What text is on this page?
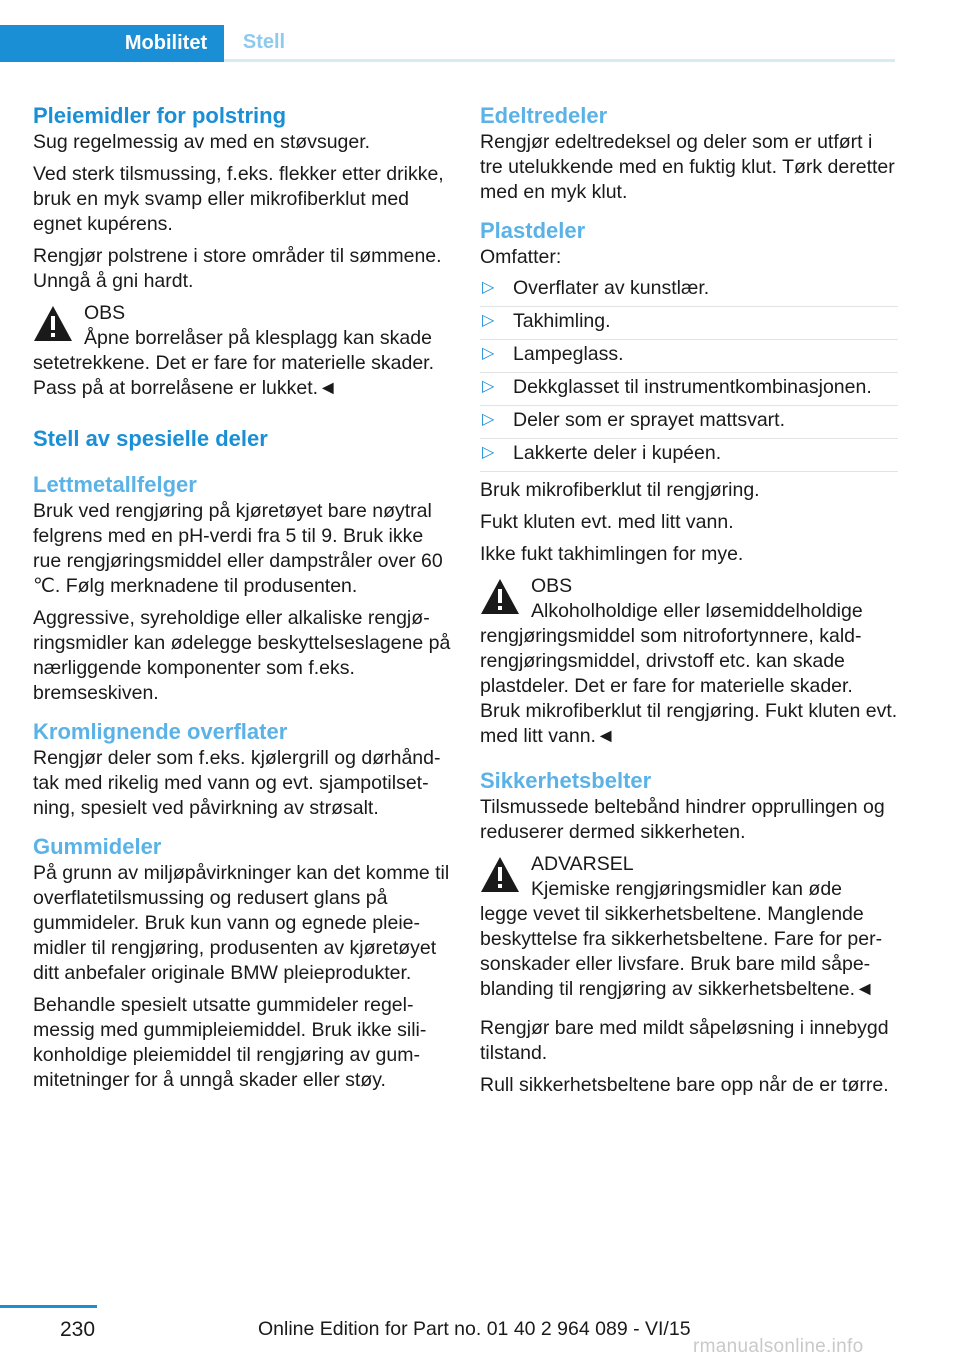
Mobilitet	Stell
Pleiemidler for polstring

Sug regelmessig av med en støvsuger.

Ved sterk tilsmussing, f.eks. flekker etter drikke, bruk en myk svamp eller mikrofiberklut med egnet kupérens.

Rengjør polstrene i store områder til sømmene. Unngå å gni hardt.

OBS

Åpne borrelåser på klesplagg kan skade

setetrekkene. Det er fare for materielle skader. Pass på at borrelåsene er lukket.◄

Stell av spesielle deler
Lettmetallfelger

Bruk ved rengjøring på kjøretøyet bare nøytral felgrens med en pH-verdi fra 5 til 9. Bruk ikke rue rengjøringsmiddel eller dampstråler over 60 ℃. Følg merknadene til produsenten.

Aggressive, syreholdige eller alkaliske rengjøringsmidler kan ødelegge beskyttelseslagene på nærliggende komponenter som f.eks. bremseskiven.

Kromlignende overflater

Rengjør deler som f.eks. kjølergrill og dørhåndtak med rikelig med vann og evt. sjampotilsetning, spesielt ved påvirkning av strøsalt.

Gummideler

På grunn av miljøpåvirkninger kan det komme til overflatetilsmussing og redusert glans på gummideler. Bruk kun vann og egnede pleiemidler til rengjøring, produsenten av kjøretøyet ditt anbefaler originale BMW pleieprodukter.

Behandle spesielt utsatte gummideler regelmessig med gummipleiemiddel. Bruk ikke silikonholdige pleiemiddel til rengjøring av gummitetninger for å unngå skader eller støy.

Edeltredeler

Rengjør edeltredeksel og deler som er utført i tre utelukkende med en fuktig klut. Tørk deretter med en myk klut.

Plastdeler

Omfatter:

▷ Overflater av kunstlær.
▷ Takhimling.
▷ Lampeglass.
▷ Dekkglasset til instrumentkombinasjonen.
▷ Deler som er sprayet mattsvart.
▷ Lakkerte deler i kupéen.

Bruk mikrofiberklut til rengjøring.

Fukt kluten evt. med litt vann.

Ikke fukt takhimlingen for mye.

OBS

Alkoholholdige eller løsemiddelholdige

rengjøringsmiddel som nitrofortynnere, kaldrengjøringsmiddel, drivstoff etc. kan skade plastdeler. Det er fare for materielle skader. Bruk mikrofiberklut til rengjøring. Fukt kluten evt. med litt vann.◄

Sikkerhetsbelter

Tilsmussede beltebånd hindrer opprullingen og reduserer dermed sikkerheten.

ADVARSEL

Kjemiske rengjøringsmidler kan øde

legge vevet til sikkerhetsbeltene. Manglende beskyttelse fra sikkerhetsbeltene. Fare for personskader eller livsfare. Bruk bare mild såpeblanding til rengjøring av sikkerhetsbeltene.◄

Rengjør bare med mildt såpeløsning i innebygd tilstand.

Rull sikkerhetsbeltene bare opp når de er tørre.

230	Online Edition for Part no. 01 40 2 964 089 - VI/15
rmanualsonline.info
